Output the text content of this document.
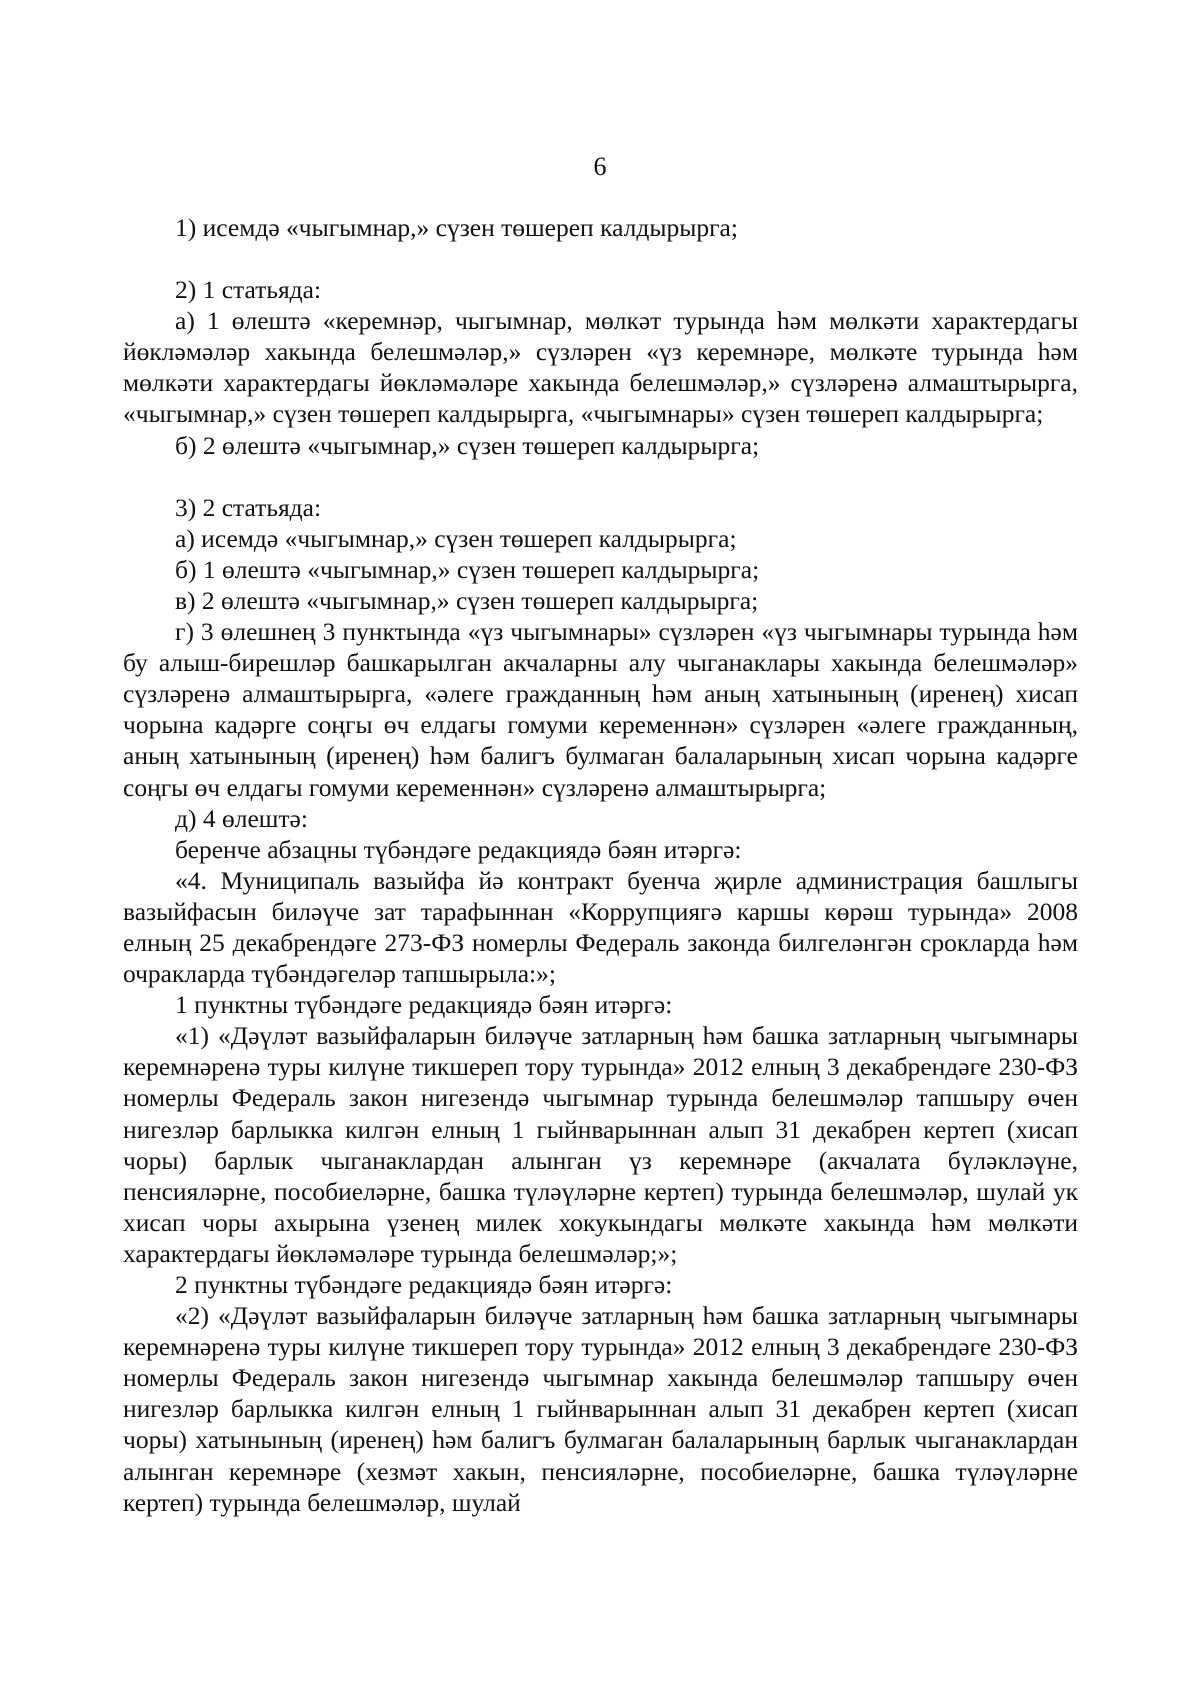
6

1) исемдә «чыгымнар,» сүзен төшереп калдырырга;

2) 1 статьяда:

а) 1 өлештә «керемнәр, чыгымнар, мөлкәт турында һәм мөлкәти характердагы йөкләмәләр хакында белешмәләр,» сүзләрен «үз керемнәре, мөлкәте турында һәм мөлкәти характердагы йөкләмәләре хакында белешмәләр,» сүзләренә алмаштырырга, «чыгымнар,» сүзен төшереп калдырырга, «чыгымнары» сүзен төшереп калдырырга;

б) 2 өлештә «чыгымнар,» сүзен төшереп калдырырга;

3) 2 статьяда:

а) исемдә «чыгымнар,» сүзен төшереп калдырырга;

б) 1 өлештә «чыгымнар,» сүзен төшереп калдырырга;

в) 2 өлештә «чыгымнар,» сүзен төшереп калдырырга;

г) 3 өлешнең 3 пунктында «үз чыгымнары» сүзләрен «үз чыгымнары турында һәм бу алыш-бирешләр башкарылган акчаларны алу чыганаклары хакында белешмәләр» сүзләренә алмаштырырга, «әлеге гражданның һәм аның хатынының (иренең) хисап чорына кадәрге соңгы өч елдагы гомуми кеременнән» сүзләрен «әлеге гражданның, аның хатынының (иренең) һәм балигъ булмаган балаларының хисап чорына кадәрге соңгы өч елдагы гомуми кеременнән» сүзләренә алмаштырырга;

д) 4 өлештә:

беренче абзацны түбәндәге редакциядә бәян итәргә:

«4. Муниципаль вазыйфа йә контракт буенча җирле администрация башлыгы вазыйфасын биләүче зат тарафыннан «Коррупциягә каршы көрәш турында» 2008 елның 25 декабрендәге 273-ФЗ номерлы Федераль законда билгеләнгән срокларда һәм очракларда түбәндәгеләр тапшырыла:»;

1 пунктны түбәндәге редакциядә бәян итәргә:

«1) «Дәүләт вазыйфаларын биләүче затларның һәм башка затларның чыгымнары керемнәренә туры килүне тикшереп тору турында» 2012 елның 3 декабрендәге 230-ФЗ номерлы Федераль закон нигезендә чыгымнар турында белешмәләр тапшыру өчен нигезләр барлыкка килгән елның 1 гыйнварыннан алып 31 декабрен кертеп (хисап чоры) барлык чыганаклардан алынган үз керемнәре (акчалата бүләкләүне, пенсияләрне, пособиеләрне, башка түләүләрне кертеп) турында белешмәләр, шулай ук хисап чоры ахырына үзенең милек хокукындагы мөлкәте хакында һәм мөлкәти характердагы йөкләмәләре турында белешмәләр;»;

2 пунктны түбәндәге редакциядә бәян итәргә:

«2) «Дәүләт вазыйфаларын биләүче затларның һәм башка затларның чыгымнары керемнәренә туры килүне тикшереп тору турында» 2012 елның 3 декабрендәге 230-ФЗ номерлы Федераль закон нигезендә чыгымнар хакында белешмәләр тапшыру өчен нигезләр барлыкка килгән елның 1 гыйнварыннан алып 31 декабрен кертеп (хисап чоры) хатынының (иренең) һәм балигъ булмаган балаларының барлык чыганаклардан алынган керемнәре (хезмәт хакын, пенсияләрне, пособиеләрне, башка түләүләрне кертеп) турында белешмәләр, шулай
